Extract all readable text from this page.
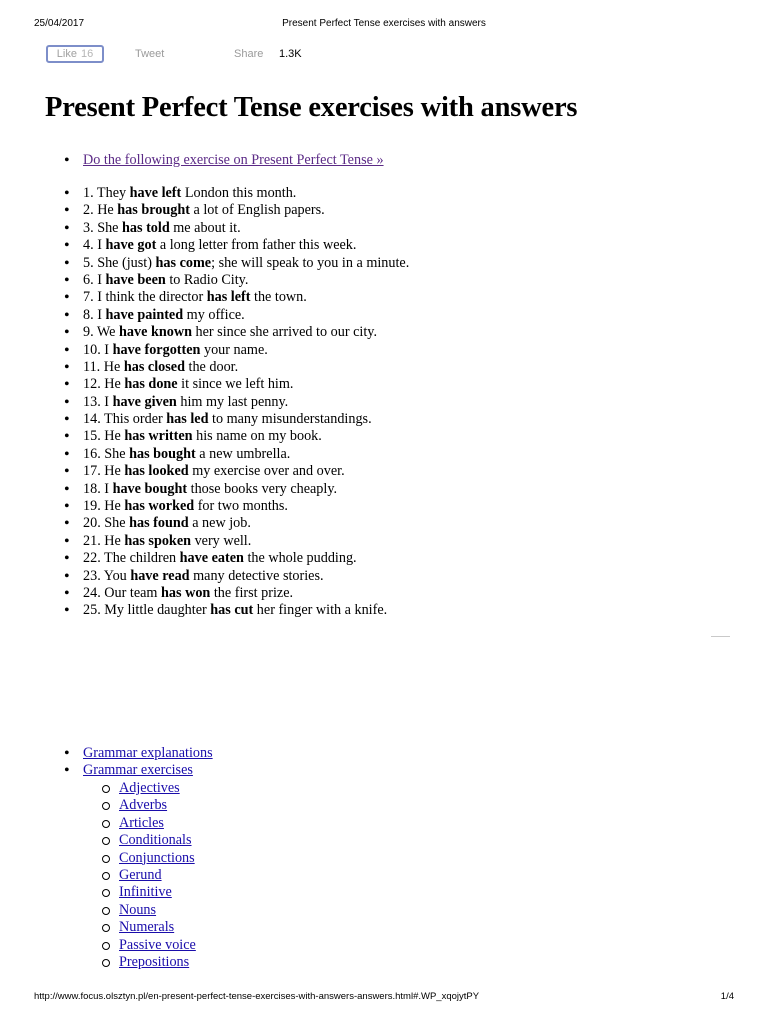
25/04/2017	Present Perfect Tense exercises with answers
Like 16	Tweet	Share 1.3K
Present Perfect Tense exercises with answers
• Do the following exercise on Present Perfect Tense »
• 1. They have left London this month.
• 2. He has brought a lot of English papers.
• 3. She has told me about it.
• 4. I have got a long letter from father this week.
• 5. She (just) has come; she will speak to you in a minute.
• 6. I have been to Radio City.
• 7. I think the director has left the town.
• 8. I have painted my office.
• 9. We have known her since she arrived to our city.
• 10. I have forgotten your name.
• 11. He has closed the door.
• 12. He has done it since we left him.
• 13. I have given him my last penny.
• 14. This order has led to many misunderstandings.
• 15. He has written his name on my book.
• 16. She has bought a new umbrella.
• 17. He has looked my exercise over and over.
• 18. I have bought those books very cheaply.
• 19. He has worked for two months.
• 20. She has found a new job.
• 21. He has spoken very well.
• 22. The children have eaten the whole pudding.
• 23. You have read many detective stories.
• 24. Our team has won the first prize.
• 25. My little daughter has cut her finger with a knife.
• Grammar explanations
• Grammar exercises
Adjectives
Adverbs
Articles
Conditionals
Conjunctions
Gerund
Infinitive
Nouns
Numerals
Passive voice
Prepositions
http://www.focus.olsztyn.pl/en-present-perfect-tense-exercises-with-answers-answers.html#.WP_xqojytPY	1/4
